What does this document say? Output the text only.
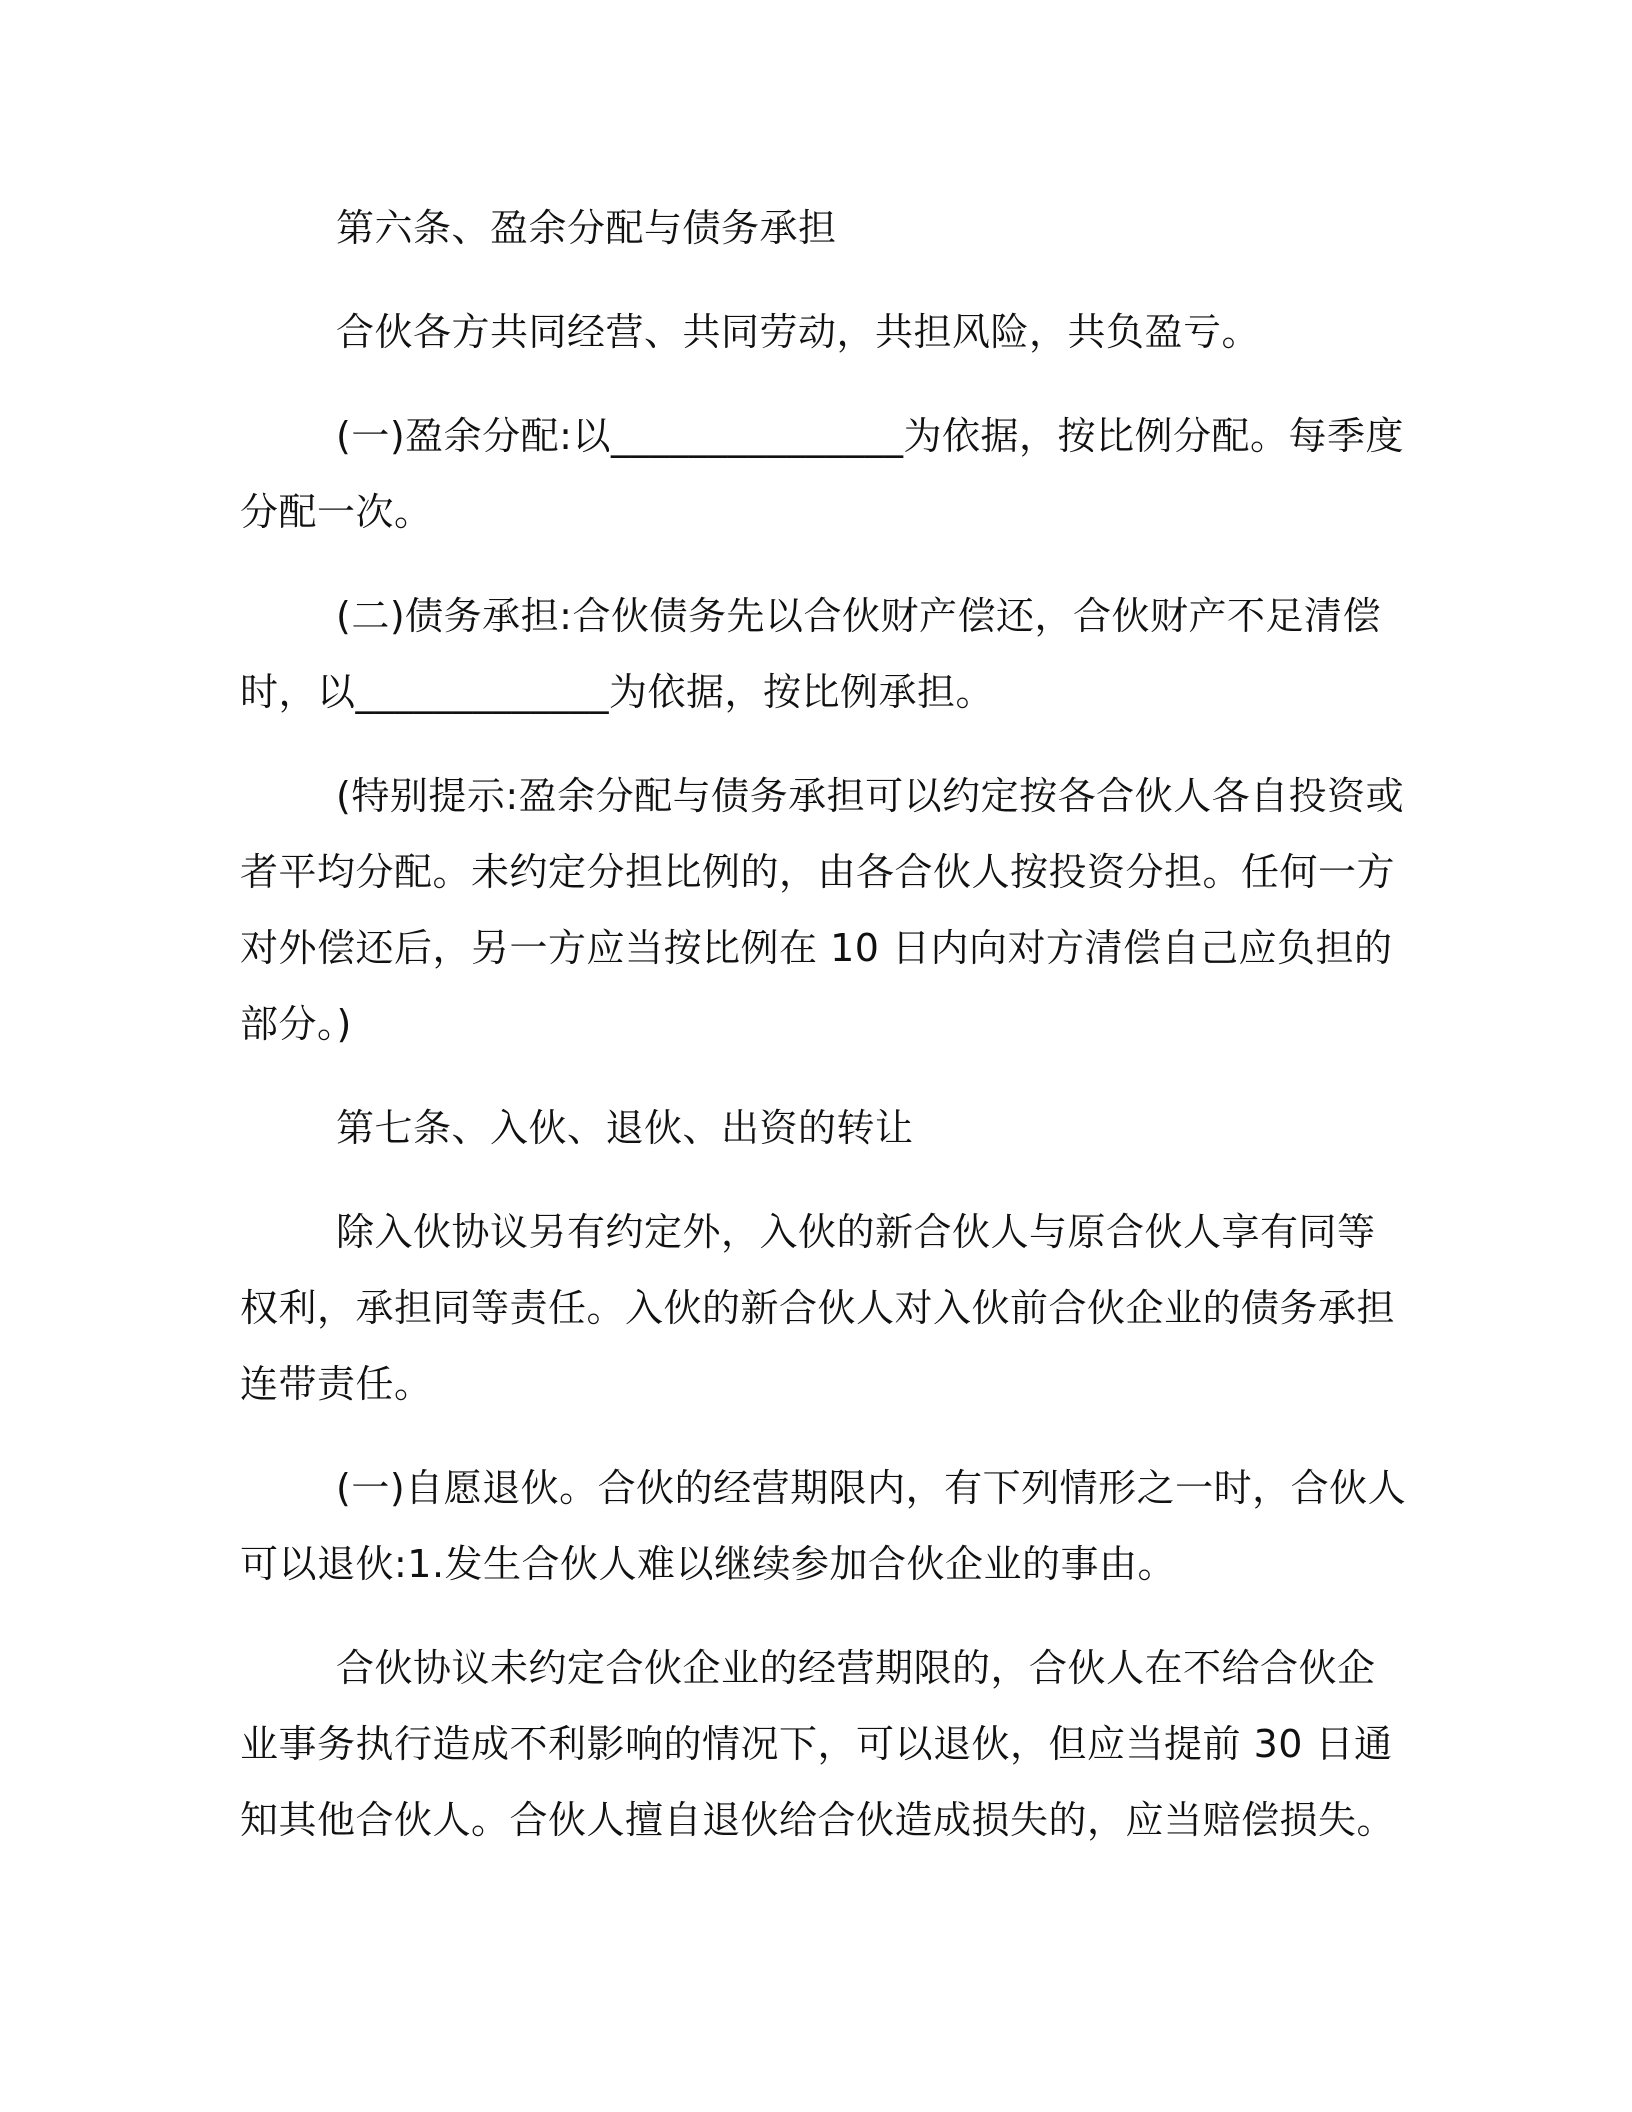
第六条、盈余分配与债务承担

合伙各方共同经营、共同劳动，共担风险，共负盈亏。

(一)盈余分配:以_______________为依据，按比例分配。每季度分配一次。

(二)债务承担:合伙债务先以合伙财产偿还，合伙财产不足清偿时，以_____________为依据，按比例承担。

(特别提示:盈余分配与债务承担可以约定按各合伙人各自投资或者平均分配。未约定分担比例的，由各合伙人按投资分担。任何一方对外偿还后，另一方应当按比例在 10 日内向对方清偿自己应负担的部分。)

第七条、入伙、退伙、出资的转让

除入伙协议另有约定外，入伙的新合伙人与原合伙人享有同等权利，承担同等责任。入伙的新合伙人对入伙前合伙企业的债务承担连带责任。

(一)自愿退伙。合伙的经营期限内，有下列情形之一时，合伙人可以退伙:1.发生合伙人难以继续参加合伙企业的事由。

合伙协议未约定合伙企业的经营期限的，合伙人在不给合伙企业事务执行造成不利影响的情况下，可以退伙，但应当提前 30 日通知其他合伙人。合伙人擅自退伙给合伙造成损失的，应当赔偿损失。
